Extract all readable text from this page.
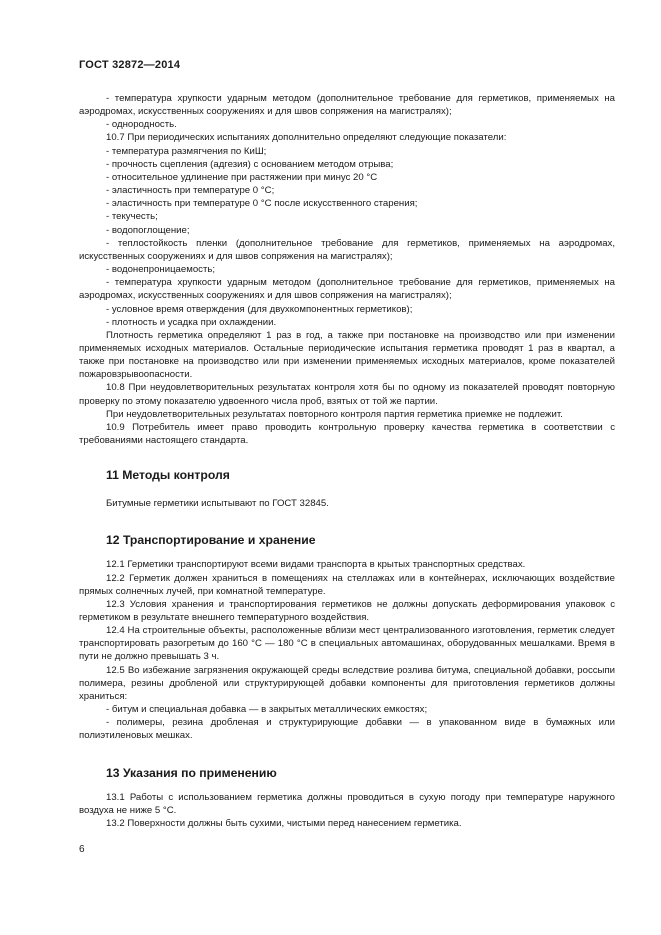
ГОСТ 32872—2014

- температура хрупкости ударным методом (дополнительное требование для герметиков, применяемых на аэродромах, искусственных сооружениях и для швов сопряжения на магистралях);

- однородность.

10.7 При периодических испытаниях дополнительно определяют следующие показатели:

- температура размягчения по КиШ;

- прочность сцепления (адгезия) с основанием методом отрыва;

- относительное удлинение при растяжении при минус 20 °С

- эластичность при температуре 0 °С;

- эластичность при температуре 0 °С после искусственного старения;

- текучесть;

- водопоглощение;

- теплостойкость пленки (дополнительное требование для герметиков, применяемых на аэродромах, искусственных сооружениях и для швов сопряжения на магистралях);

- водонепроницаемость;

- температура хрупкости ударным методом (дополнительное требование для герметиков, применяемых на аэродромах, искусственных сооружениях и для швов сопряжения на магистралях);

- условное время отверждения (для двухкомпонентных герметиков);

- плотность и усадка при охлаждении.

Плотность герметика определяют 1 раз в год, а также при постановке на производство или при изменении применяемых исходных материалов. Остальные периодические испытания герметика проводят 1 раз в квартал, а также при постановке на производство или при изменении применяемых исходных материалов, кроме показателей пожаровзрывоопасности.

10.8 При неудовлетворительных результатах контроля хотя бы по одному из показателей проводят повторную проверку по этому показателю удвоенного числа проб, взятых от той же партии.

При неудовлетворительных результатах повторного контроля партия герметика приемке не подлежит.

10.9 Потребитель имеет право проводить контрольную проверку качества герметика в соответствии с требованиями настоящего стандарта.

11 Методы контроля

Битумные герметики испытывают по ГОСТ 32845.

12 Транспортирование и хранение

12.1 Герметики транспортируют всеми видами транспорта в крытых транспортных средствах.

12.2 Герметик должен храниться в помещениях на стеллажах или в контейнерах, исключающих воздействие прямых солнечных лучей, при комнатной температуре.

12.3 Условия хранения и транспортирования герметиков не должны допускать деформирования упаковок с герметиком в результате внешнего температурного воздействия.

12.4 На строительные объекты, расположенные вблизи мест централизованного изготовления, герметик следует транспортировать разогретым до 160 °С — 180 °С в специальных автомашинах, оборудованных мешалками. Время в пути не должно превышать 3 ч.

12.5 Во избежание загрязнения окружающей среды вследствие розлива битума, специальной добавки, россыпи полимера, резины дробленой или структурирующей добавки компоненты для приготовления герметиков должны храниться:

- битум и специальная добавка — в закрытых металлических емкостях;

- полимеры, резина дробленая и структурирующие добавки — в упакованном виде в бумажных или полиэтиленовых мешках.

13 Указания по применению

13.1 Работы с использованием герметика должны проводиться в сухую погоду при температуре наружного воздуха не ниже 5 °С.

13.2 Поверхности должны быть сухими, чистыми перед нанесением герметика.

6
